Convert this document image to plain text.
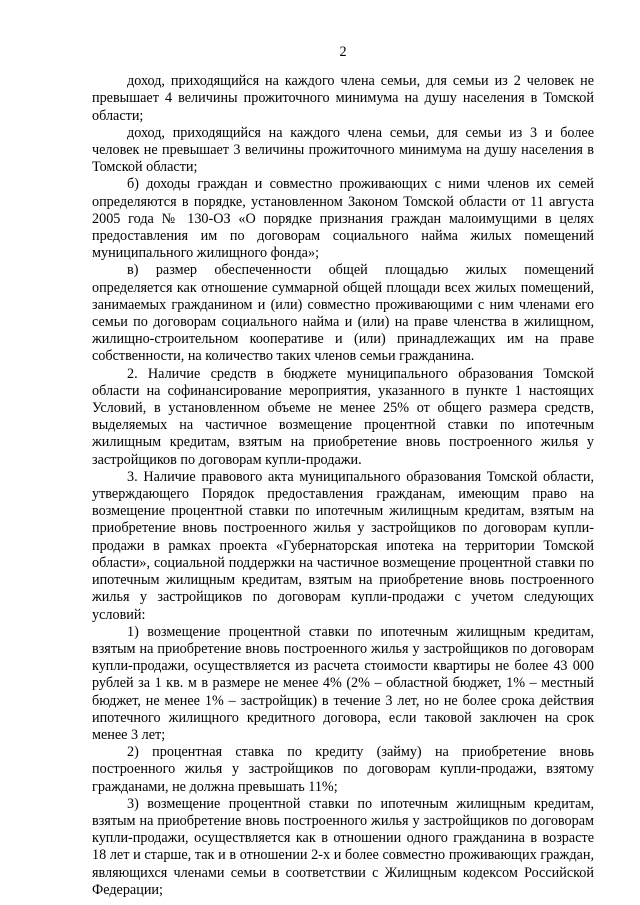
2

доход, приходящийся на каждого члена семьи, для семьи из 2 человек не превышает 4 величины прожиточного минимума на душу населения в Томской области;

доход, приходящийся на каждого члена семьи, для семьи из 3 и более человек не превышает 3 величины прожиточного минимума на душу населения в Томской области;

б) доходы граждан и совместно проживающих с ними членов их семей определяются в порядке, установленном Законом Томской области от 11 августа 2005 года № 130-ОЗ «О порядке признания граждан малоимущими в целях предоставления им по договорам социального найма жилых помещений муниципального жилищного фонда»;

в) размер обеспеченности общей площадью жилых помещений определяется как отношение суммарной общей площади всех жилых помещений, занимаемых гражданином и (или) совместно проживающими с ним членами его семьи по договорам социального найма и (или) на праве членства в жилищном, жилищно-строительном кооперативе и (или) принадлежащих им на праве собственности, на количество таких членов семьи гражданина.

2. Наличие средств в бюджете муниципального образования Томской области на софинансирование мероприятия, указанного в пункте 1 настоящих Условий, в установленном объеме не менее 25% от общего размера средств, выделяемых на частичное возмещение процентной ставки по ипотечным жилищным кредитам, взятым на приобретение вновь построенного жилья у застройщиков по договорам купли-продажи.

3. Наличие правового акта муниципального образования Томской области, утверждающего Порядок предоставления гражданам, имеющим право на возмещение процентной ставки по ипотечным жилищным кредитам, взятым на приобретение вновь построенного жилья у застройщиков по договорам купли-продажи в рамках проекта «Губернаторская ипотека на территории Томской области», социальной поддержки на частичное возмещение процентной ставки по ипотечным жилищным кредитам, взятым на приобретение вновь построенного жилья у застройщиков по договорам купли-продажи с учетом следующих условий:

1) возмещение процентной ставки по ипотечным жилищным кредитам, взятым на приобретение вновь построенного жилья у застройщиков по договорам купли-продажи, осуществляется из расчета стоимости квартиры не более 43 000 рублей за 1 кв. м в размере не менее 4% (2% – областной бюджет, 1% – местный бюджет, не менее 1% – застройщик) в течение 3 лет, но не более срока действия ипотечного жилищного кредитного договора, если таковой заключен на срок менее 3 лет;

2) процентная ставка по кредиту (займу) на приобретение вновь построенного жилья у застройщиков по договорам купли-продажи, взятому гражданами, не должна превышать 11%;

3) возмещение процентной ставки по ипотечным жилищным кредитам, взятым на приобретение вновь построенного жилья у застройщиков по договорам купли-продажи, осуществляется как в отношении одного гражданина в возрасте 18 лет и старше, так и в отношении 2-х и более совместно проживающих граждан, являющихся членами семьи в соответствии с Жилищным кодексом Российской Федерации;
